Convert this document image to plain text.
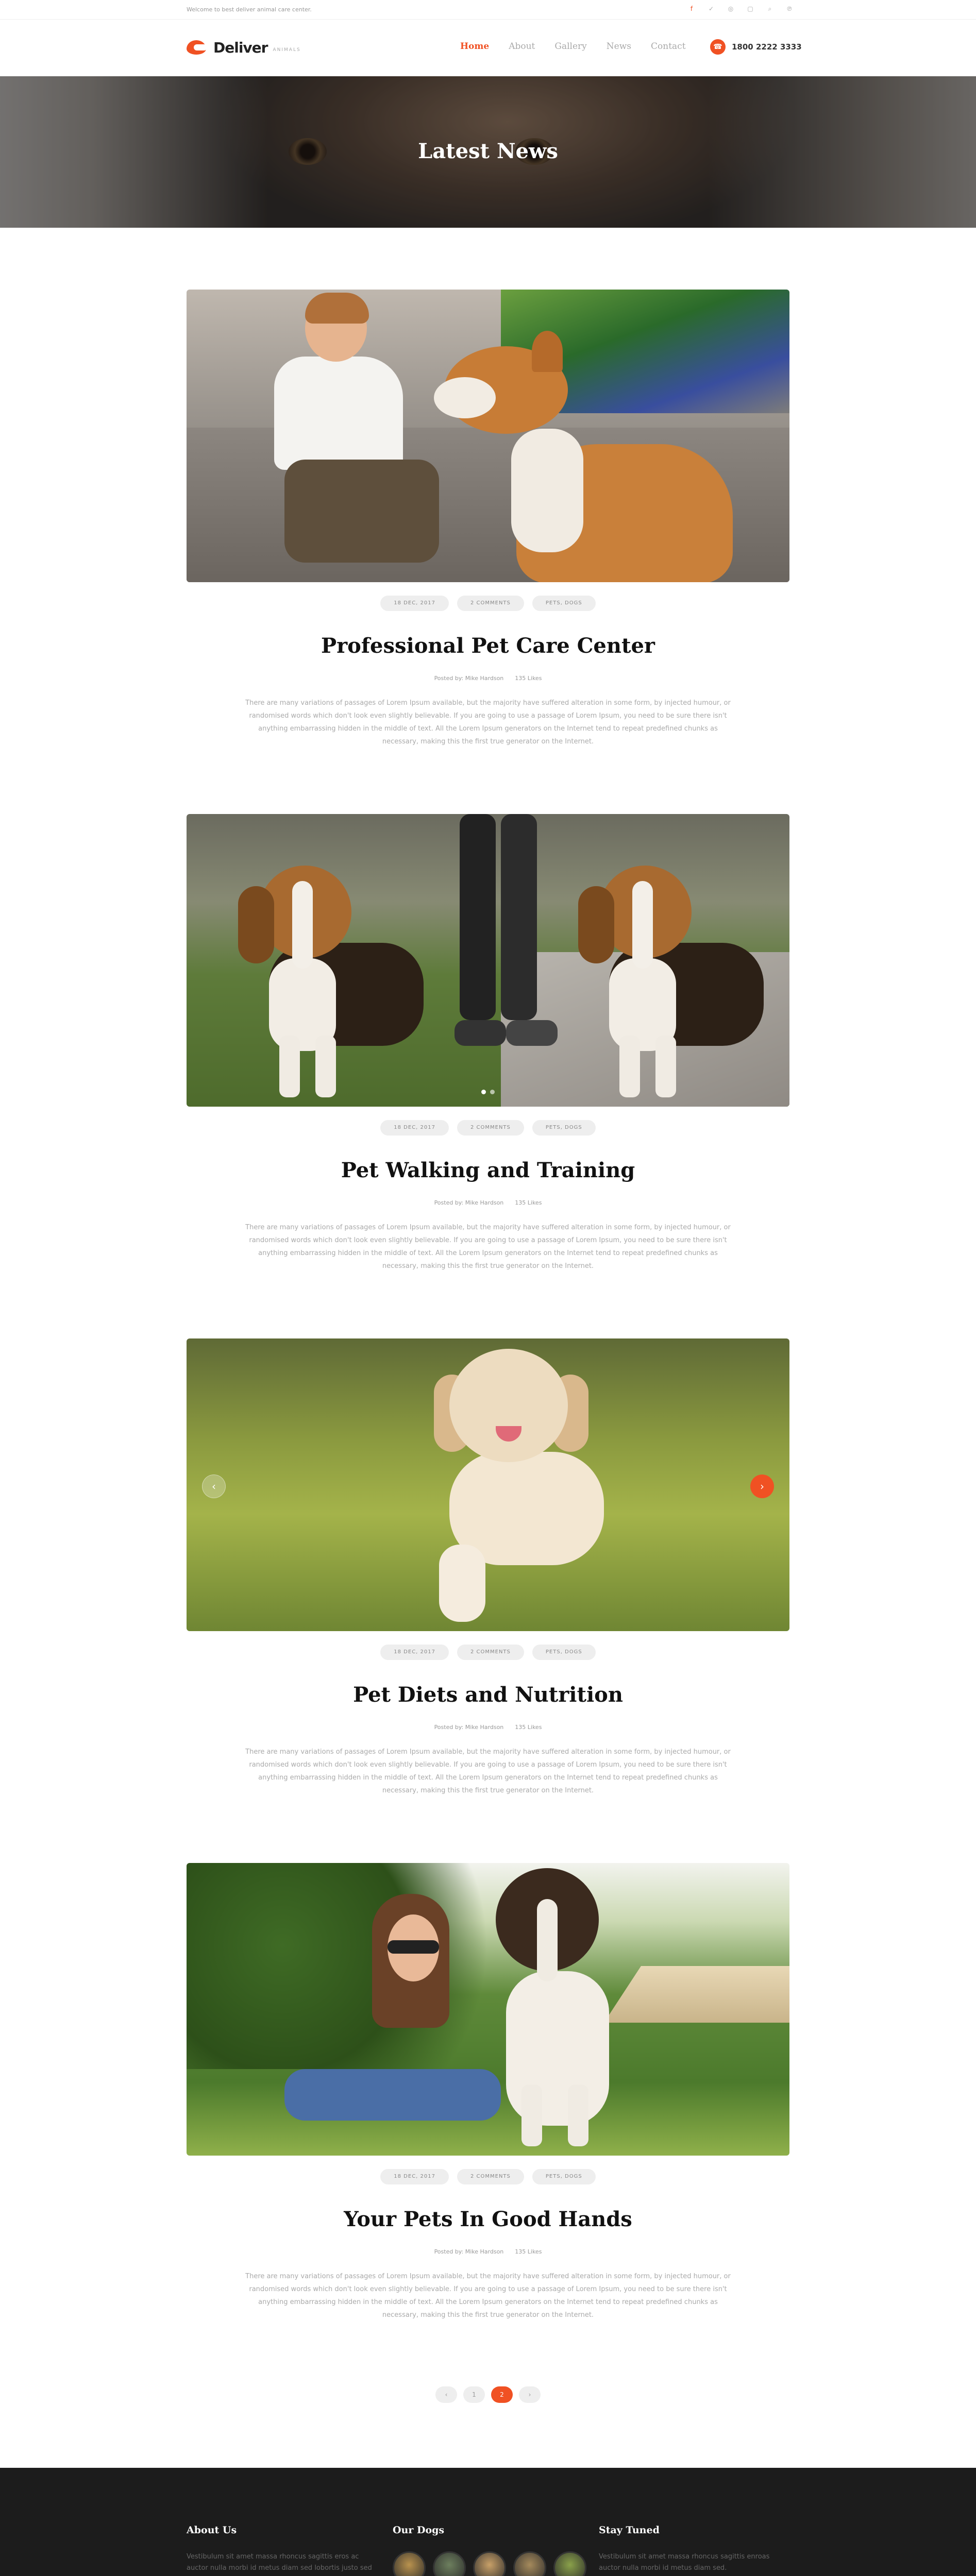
Welcome to best deliver animal care center.	f	✓ ◎ ▢	⌕	℗
Deliver ANIMALS	Home About Gallery News Contact	☎	1800 2222 3333
Latest News
18 DEC, 2017	2 COMMENTS	PETS, DOGS
Professional Pet Care Center
Posted by: Mike Hardson 135 Likes

There are many variations of passages of Lorem Ipsum available, but the majority have suffered alteration in some form, by injected humour, or randomised words which don't look even slightly believable. If you are going to use a passage of Lorem Ipsum, you need to be sure there isn't anything embarrassing hidden in the middle of text. All the Lorem Ipsum generators on the Internet tend to repeat predefined chunks as necessary, making this the first true generator on the Internet.

18 DEC, 2017	2 COMMENTS	PETS, DOGS
Pet Walking and Training
Posted by: Mike Hardson 135 Likes

There are many variations of passages of Lorem Ipsum available, but the majority have suffered alteration in some form, by injected humour, or randomised words which don't look even slightly believable. If you are going to use a passage of Lorem Ipsum, you need to be sure there isn't anything embarrassing hidden in the middle of text. All the Lorem Ipsum generators on the Internet tend to repeat predefined chunks as necessary, making this the first true generator on the Internet.

‹	›
18 DEC, 2017	2 COMMENTS	PETS, DOGS
Pet Diets and Nutrition
Posted by: Mike Hardson 135 Likes

There are many variations of passages of Lorem Ipsum available, but the majority have suffered alteration in some form, by injected humour, or randomised words which don't look even slightly believable. If you are going to use a passage of Lorem Ipsum, you need to be sure there isn't anything embarrassing hidden in the middle of text. All the Lorem Ipsum generators on the Internet tend to repeat predefined chunks as necessary, making this the first true generator on the Internet.

18 DEC, 2017	2 COMMENTS	PETS, DOGS
Your Pets In Good Hands
Posted by: Mike Hardson 135 Likes

There are many variations of passages of Lorem Ipsum available, but the majority have suffered alteration in some form, by injected humour, or randomised words which don't look even slightly believable. If you are going to use a passage of Lorem Ipsum, you need to be sure there isn't anything embarrassing hidden in the middle of text. All the Lorem Ipsum generators on the Internet tend to repeat predefined chunks as necessary, making this the first true generator on the Internet.

‹	1	2	›
About Us

Vestibulum sit amet massa rhoncus sagittis eros ac auctor nulla morbi id metus diam sed lobortis justo sed

Our Dogs	Stay Tuned

Vestibulum sit amet massa rhoncus sagittis enroas auctor nulla morbi id metus diam sed.
